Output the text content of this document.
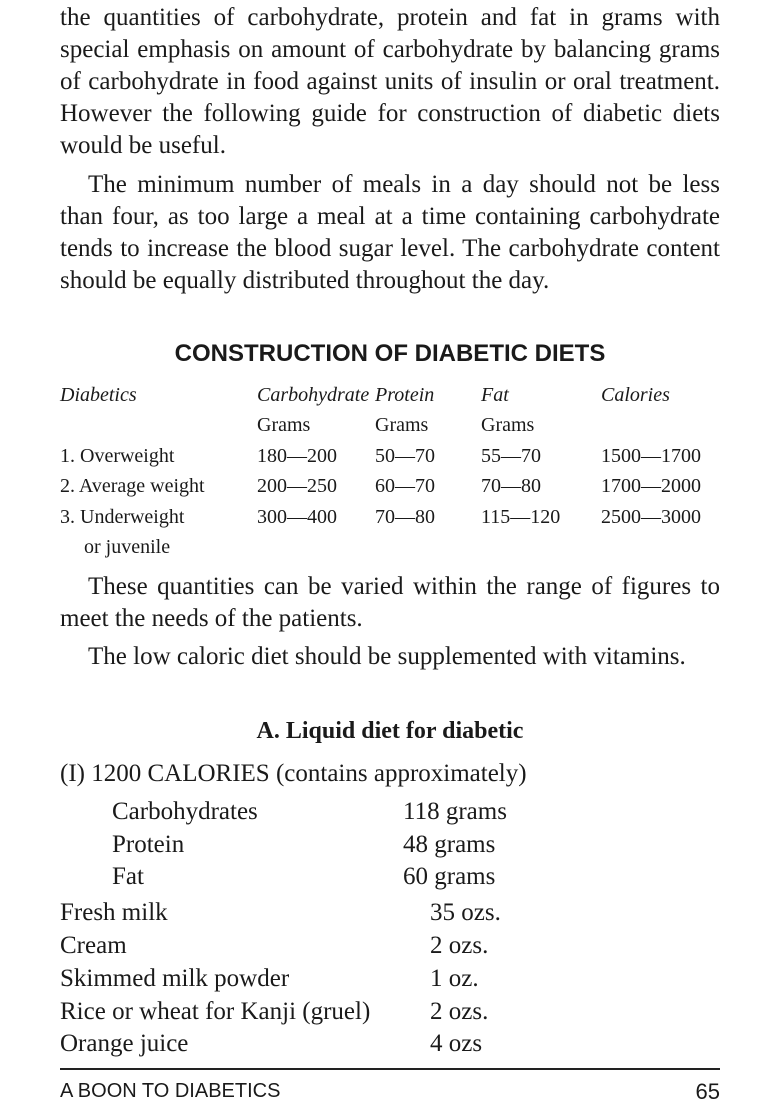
the quantities of carbohydrate, protein and fat in grams with special emphasis on amount of carbohydrate by balancing grams of carbohydrate in food against units of insulin or oral treatment. However the following guide for construction of diabetic diets would be useful.

The minimum number of meals in a day should not be less than four, as too large a meal at a time containing carbohydrate tends to increase the blood sugar level. The carbohydrate content should be equally distributed throughout the day.

CONSTRUCTION OF DIABETIC DIETS
Diabetics	Carbohydrate	Protein	Fat	Calories
	Grams	Grams	Grams	
1. Overweight	180—200	50—70	55—70	1500—1700
2. Average weight	200—250	60—70	70—80	1700—2000
3. Underweight	300—400	70—80	115—120	2500—3000
or juvenile				

These quantities can be varied within the range of figures to meet the needs of the patients.

The low caloric diet should be supplemented with vitamins.

A. Liquid diet for diabetic
(I) 1200 CALORIES (contains approximately)
Carbohydrates	118 grams
Protein	48 grams
Fat	60 grams
Fresh milk	35 ozs.
Cream	2 ozs.
Skimmed milk powder	1 oz.
Rice or wheat for Kanji (gruel) 2 ozs.
Orange juice	4 ozs
A BOON TO DIABETICS	65
